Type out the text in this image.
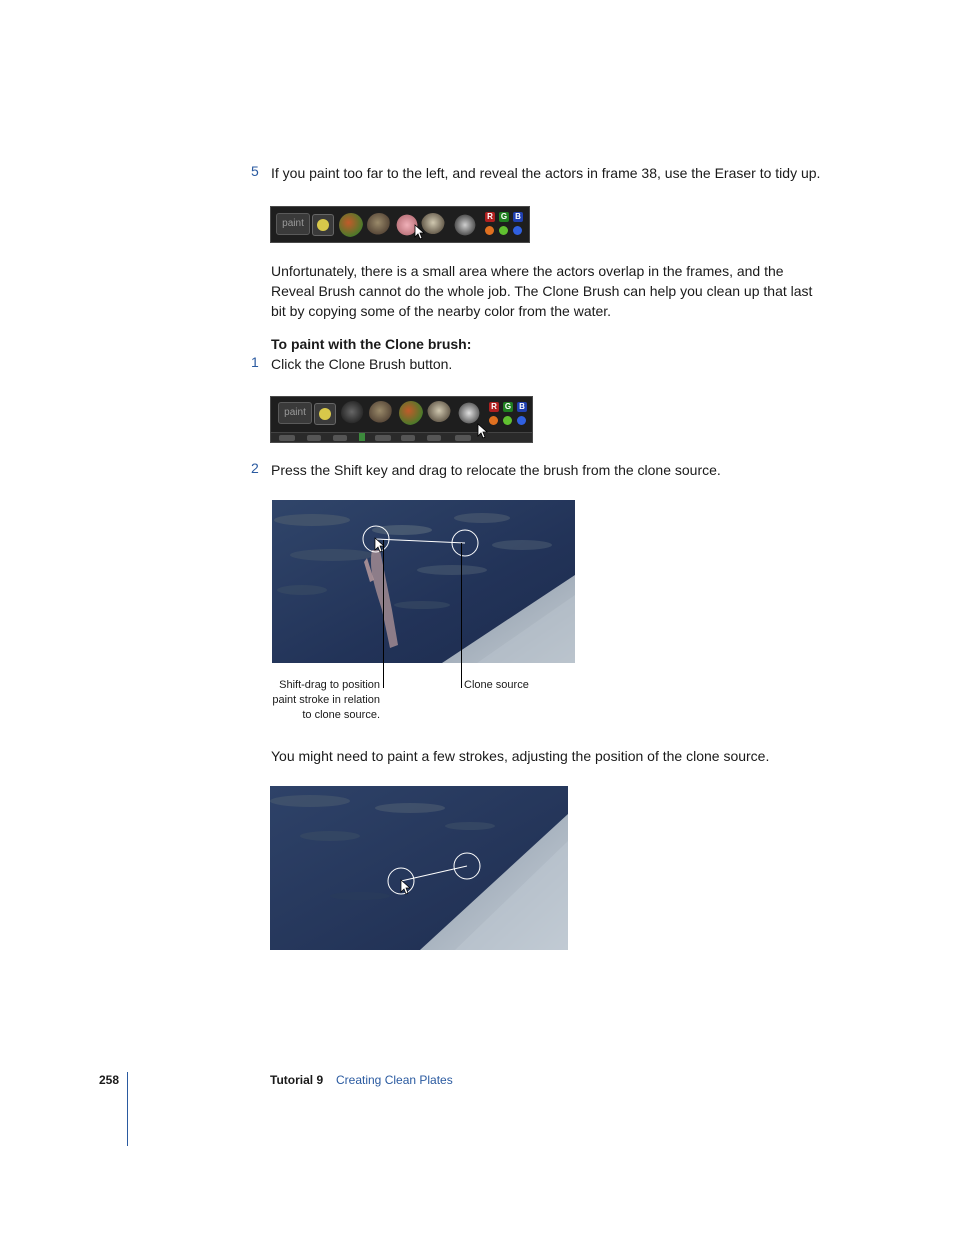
5 If you paint too far to the left, and reveal the actors in frame 38, use the Eraser to tidy up.
paint
R G B
Unfortunately, there is a small area where the actors overlap in the frames, and the Reveal Brush cannot do the whole job. The Clone Brush can help you clean up that last bit by copying some of the nearby color from the water.
To paint with the Clone brush:
1 Click the Clone Brush button.
paint
R G B
2 Press the Shift key and drag to relocate the brush from the clone source.
Shift-drag to position
paint stroke in relation
to clone source.
Clone source
You might need to paint a few strokes, adjusting the position of the clone source.
258	Tutorial 9 Creating Clean Plates
